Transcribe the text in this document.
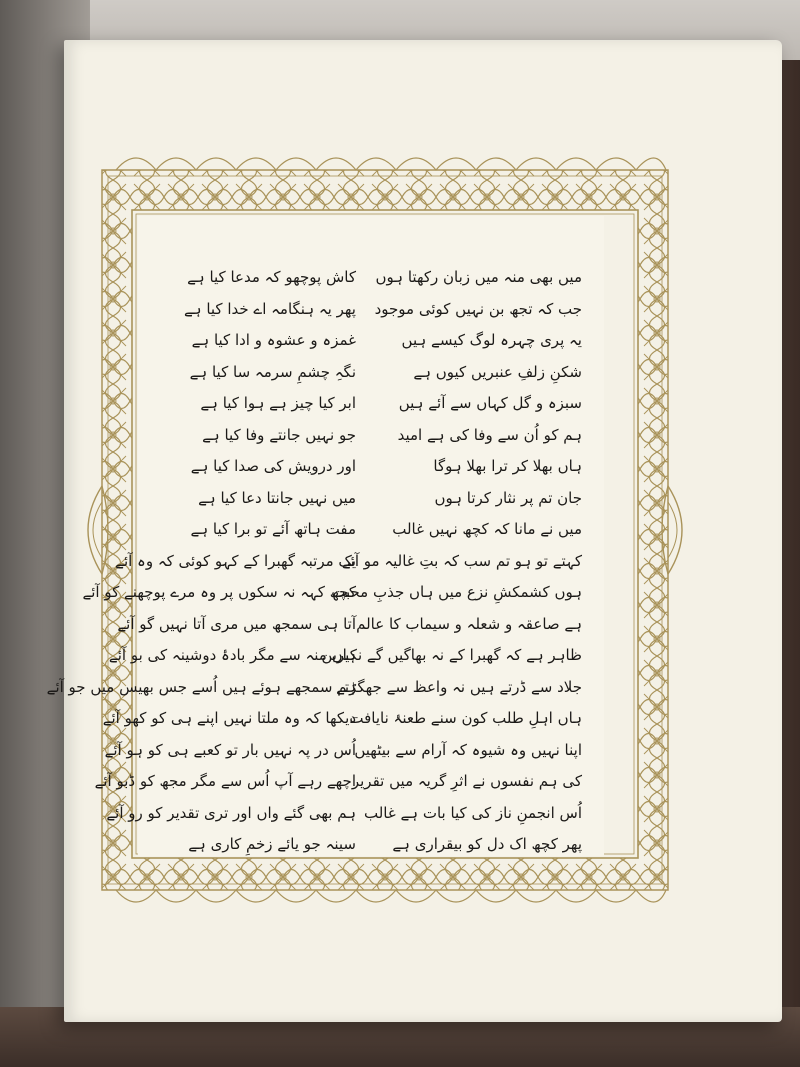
میں بھی منہ میں زبان رکھتا ہوں
جب کہ تجھ بن نہیں کوئی موجود
یہ پری چہرہ لوگ کیسے ہیں
شکنِ زلفِ عنبریں کیوں ہے
سبزہ و گل کہاں سے آئے ہیں
ہم کو اُن سے وفا کی ہے امید
ہاں بھلا کر ترا بھلا ہوگا
جان تم پر نثار کرتا ہوں
میں نے مانا کہ کچھ نہیں غالب
کہتے تو ہو تم سب کہ بتِ غالیہ مو آئے
ہوں کشمکشِ نزع میں ہاں جذبِ محبت
ہے صاعقہ و شعلہ و سیماب کا عالم
ظاہر ہے کہ گھبرا کے نہ بھاگیں گے نکیرین
جلاد سے ڈرتے ہیں نہ واعظ سے جھگڑتے
ہاں اہلِ طلب کون سنے طعنۂ نایافت
اپنا نہیں وہ شیوہ کہ آرام سے بیٹھیں
کی ہم نفسوں نے اثرِ گریہ میں تقریر
اُس انجمنِ ناز کی کیا بات ہے غالب
پھر کچھ اک دل کو بیقراری ہے
کاش پوچھو کہ مدعا کیا ہے
پھر یہ ہنگامہ اے خدا کیا ہے
غمزہ و عشوہ و ادا کیا ہے
نگہِ چشمِ سرمہ سا کیا ہے
ابر کیا چیز ہے ہوا کیا ہے
جو نہیں جانتے وفا کیا ہے
اور درویش کی صدا کیا ہے
میں نہیں جانتا دعا کیا ہے
مفت ہاتھ آئے تو برا کیا ہے
یک مرتبہ گھبرا کے کہو کوئی کہ وہ آئے
کچھ کہہ نہ سکوں پر وہ مرے پوچھنے کو آئے
آتا ہی سمجھ میں مری آتا نہیں گو آئے
ہاں منہ سے مگر بادۂ دوشینہ کی بو آئے
ہم سمجھے ہوئے ہیں اُسے جس بھیس میں جو آئے
دیکھا کہ وہ ملتا نہیں اپنے ہی کو کھو آئے
اُس در پہ نہیں بار تو کعبے ہی کو ہو آئے
اچھے رہے آپ اُس سے مگر مجھ کو ڈبو آئے
ہم بھی گئے واں اور تری تقدیر کو رو آئے
سینہ جو یائے زخمِ کاری ہے
